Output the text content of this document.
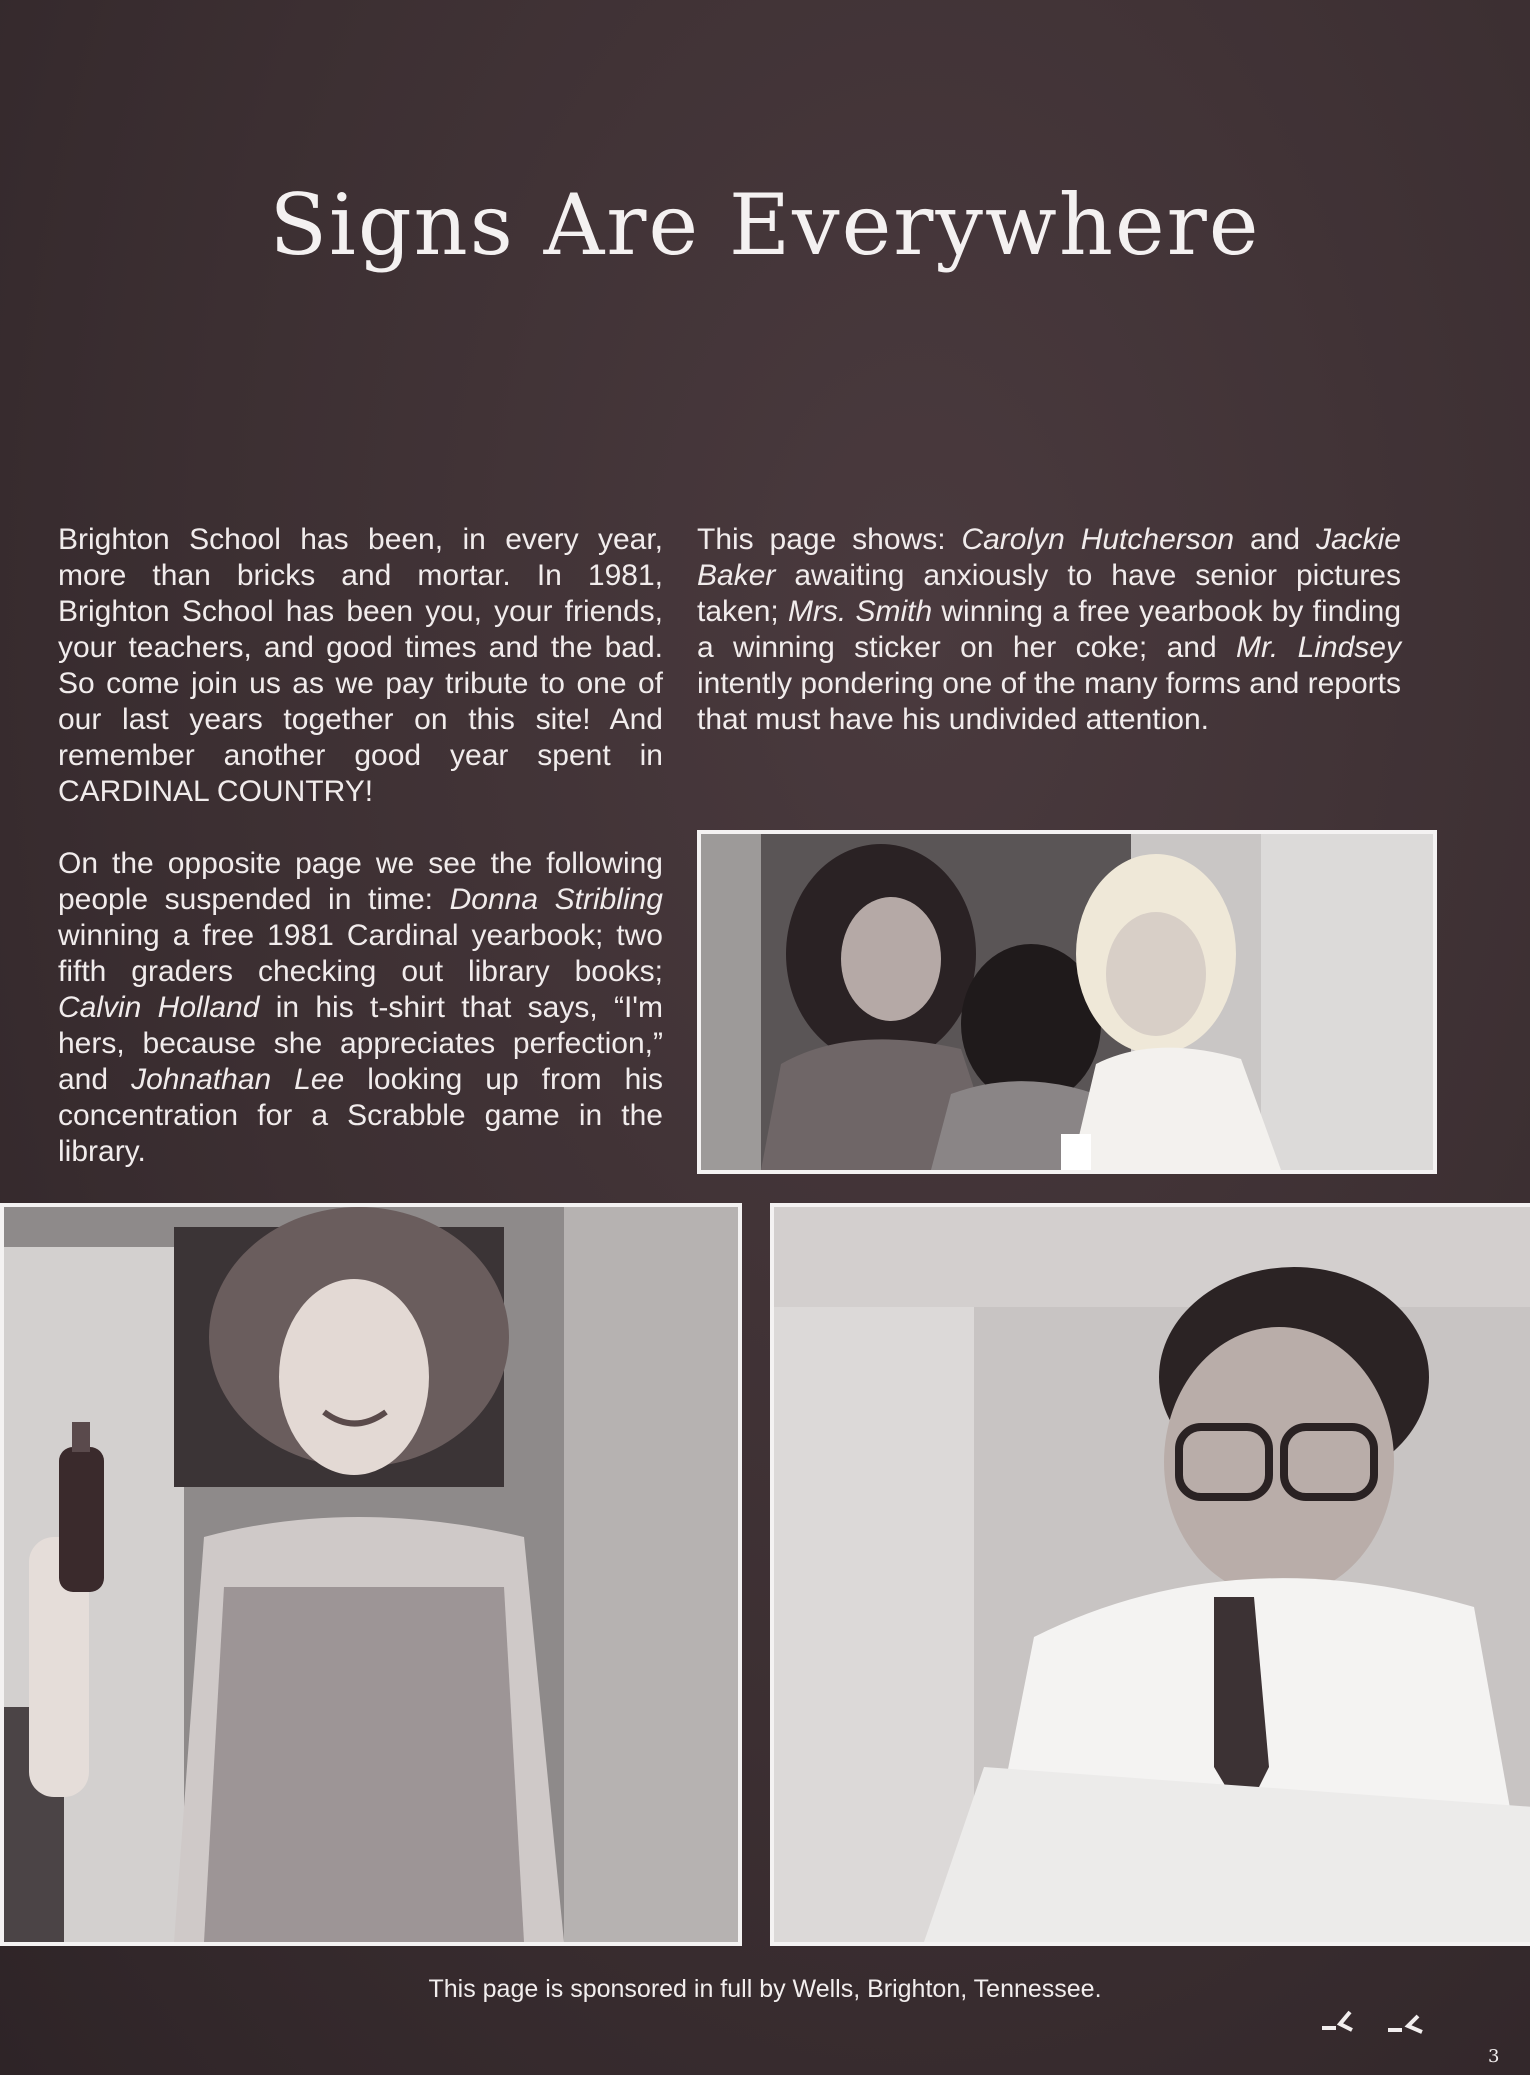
Signs Are Everywhere

Brighton School has been, in every year, more than bricks and mortar. In 1981, Brighton School has been you, your friends, your teachers, and good times and the bad. So come join us as we pay tribute to one of our last years together on this site! And remember another good year spent in CARDINAL COUNTRY!

On the opposite page we see the following people suspended in time: Donna Stribling winning a free 1981 Cardinal yearbook; two fifth graders checking out library books; Calvin Holland in his t-shirt that says, “I'm hers, because she appreciates perfection,” and Johnathan Lee looking up from his concentration for a Scrabble game in the library.

This page shows: Carolyn Hutcherson and Jackie Baker awaiting anxiously to have senior pictures taken; Mrs. Smith winning a free yearbook by finding a winning sticker on her coke; and Mr. Lindsey intently pondering one of the many forms and reports that must have his undivided attention.

This page is sponsored in full by Wells, Brighton, Tennessee.
3
